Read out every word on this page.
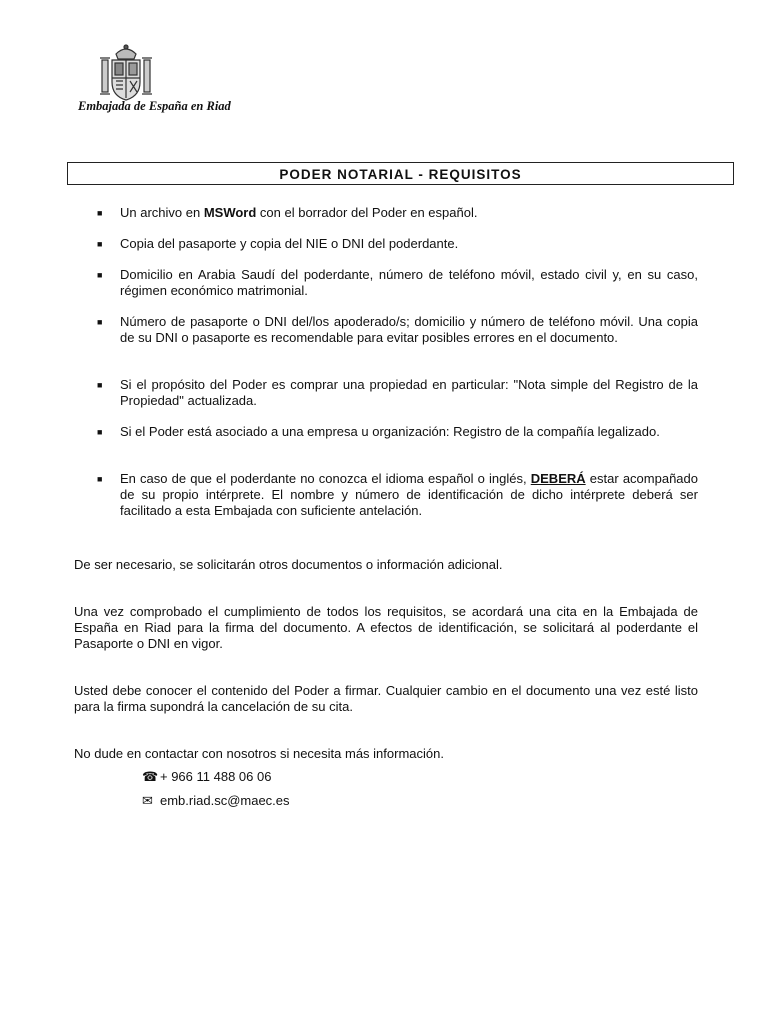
Embajada de España en Riad
PODER NOTARIAL - REQUISITOS
■ Un archivo en MSWord con el borrador del Poder en español.
■ Copia del pasaporte y copia del NIE o DNI del poderdante.
■ Domicilio en Arabia Saudí del poderdante, número de teléfono móvil, estado civil y, en su caso, régimen económico matrimonial.
■ Número de pasaporte o DNI del/los apoderado/s; domicilio y número de teléfono móvil. Una copia de su DNI o pasaporte es recomendable para evitar posibles errores en el documento.
■ Si el propósito del Poder es comprar una propiedad en particular: "Nota simple del Registro de la Propiedad" actualizada.
■ Si el Poder está asociado a una empresa u organización: Registro de la compañía legalizado.
■ En caso de que el poderdante no conozca el idioma español o inglés, DEBERÁ estar acompañado de su propio intérprete. El nombre y número de identificación de dicho intérprete deberá ser facilitado a esta Embajada con suficiente antelación.
De ser necesario, se solicitarán otros documentos o información adicional.
Una vez comprobado el cumplimiento de todos los requisitos, se acordará una cita en la Embajada de España en Riad para la firma del documento. A efectos de identificación, se solicitará al poderdante el Pasaporte o DNI en vigor.
Usted debe conocer el contenido del Poder a firmar. Cualquier cambio en el documento una vez esté listo para la firma supondrá la cancelación de su cita.
No dude en contactar con nosotros si necesita más información.
☎ + 966 11 488 06 06
✉ emb.riad.sc@maec.es
